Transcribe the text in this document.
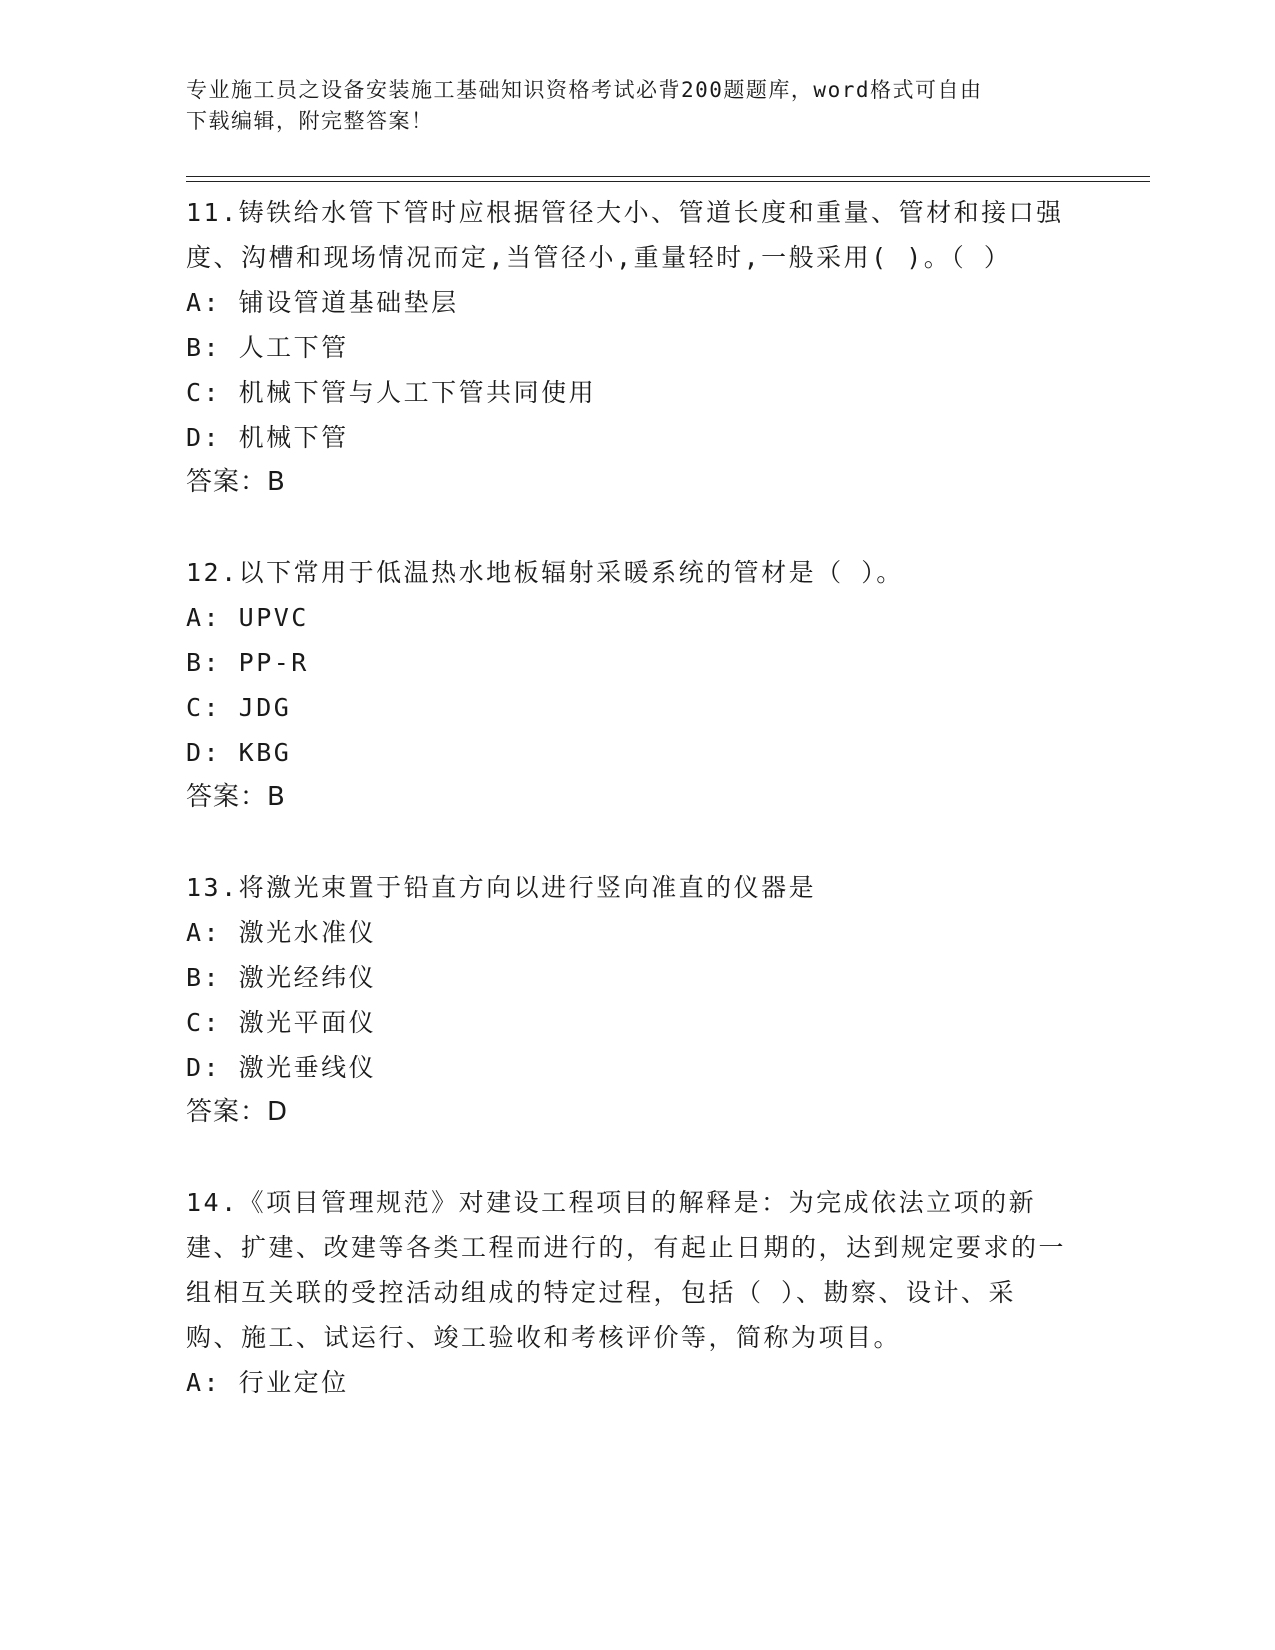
专业施工员之设备安装施工基础知识资格考试必背200题题库，word格式可自由
下载编辑，附完整答案！

11.铸铁给水管下管时应根据管径大小、管道长度和重量、管材和接口强度、沟槽和现场情况而定,当管径小,重量轻时,一般采用( )。（ ）

A: 铺设管道基础垫层

B: 人工下管

C: 机械下管与人工下管共同使用

D: 机械下管

答案：B

12.以下常用于低温热水地板辐射采暖系统的管材是（ ）。

A: UPVC

B: PP-R

C: JDG

D: KBG

答案：B

13.将激光束置于铅直方向以进行竖向准直的仪器是

A: 激光水准仪

B: 激光经纬仪

C: 激光平面仪

D: 激光垂线仪

答案：D

14.《项目管理规范》对建设工程项目的解释是：为完成依法立项的新建、扩建、改建等各类工程而进行的，有起止日期的，达到规定要求的一组相互关联的受控活动组成的特定过程，包括（ ）、勘察、设计、采购、施工、试运行、竣工验收和考核评价等，简称为项目。

A: 行业定位
